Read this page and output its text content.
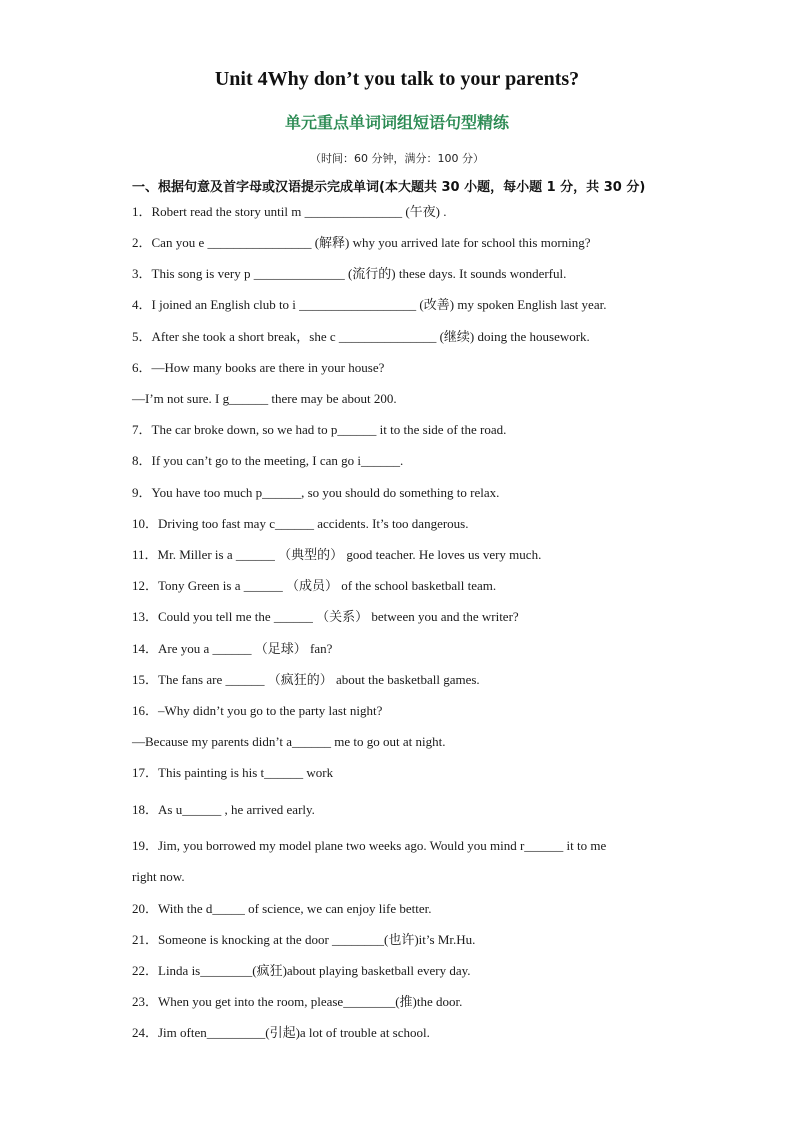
Unit 4Why don’t you talk to your parents?
单元重点单词词组短语句型精练
（时间：60 分钟，满分：100 分）
一、根据句意及首字母或汉语提示完成单词(本大题共 30 小题，每小题 1 分，共 30 分)
1．Robert read the story until m _______________ (午夜) .
2．Can you e ________________ (解释) why you arrived late for school this morning?
3．This song is very p ______________ (流行的) these days. It sounds wonderful.
4．I joined an English club to i __________________ (改善) my spoken English last year.
5．After she took a short break，she c _______________ (继续) doing the housework.
6．—How many books are there in your house?
—I’m not sure. I g______ there may be about 200.
7．The car broke down, so we had to p______ it to the side of the road.
8．If you can’t go to the meeting, I can go i______.
9．You have too much p______, so you should do something to relax.
10．Driving too fast may c______ accidents. It’s too dangerous.
11．Mr. Miller is a ______ （典型的） good teacher. He loves us very much.
12．Tony Green is a ______ （成员） of the school basketball team.
13．Could you tell me the ______ （关系） between you and the writer?
14．Are you a ______ （足球） fan?
15．The fans are ______ （疯狂的） about the basketball games.
16．–Why didn’t you go to the party last night?
—Because my parents didn’t a______ me to go out at night.
17．This painting is his t______ work
18．As u______ , he arrived early.
19．Jim, you borrowed my model plane two weeks ago. Would you mind r______ it to me
right now.
20．With the d_____ of science, we can enjoy life better.
21．Someone is knocking at the door ________(也许)it’s Mr.Hu.
22．Linda is________(疯狂)about playing basketball every day.
23．When you get into the room, please________(推)the door.
24．Jim often_________(引起)a lot of trouble at school.
